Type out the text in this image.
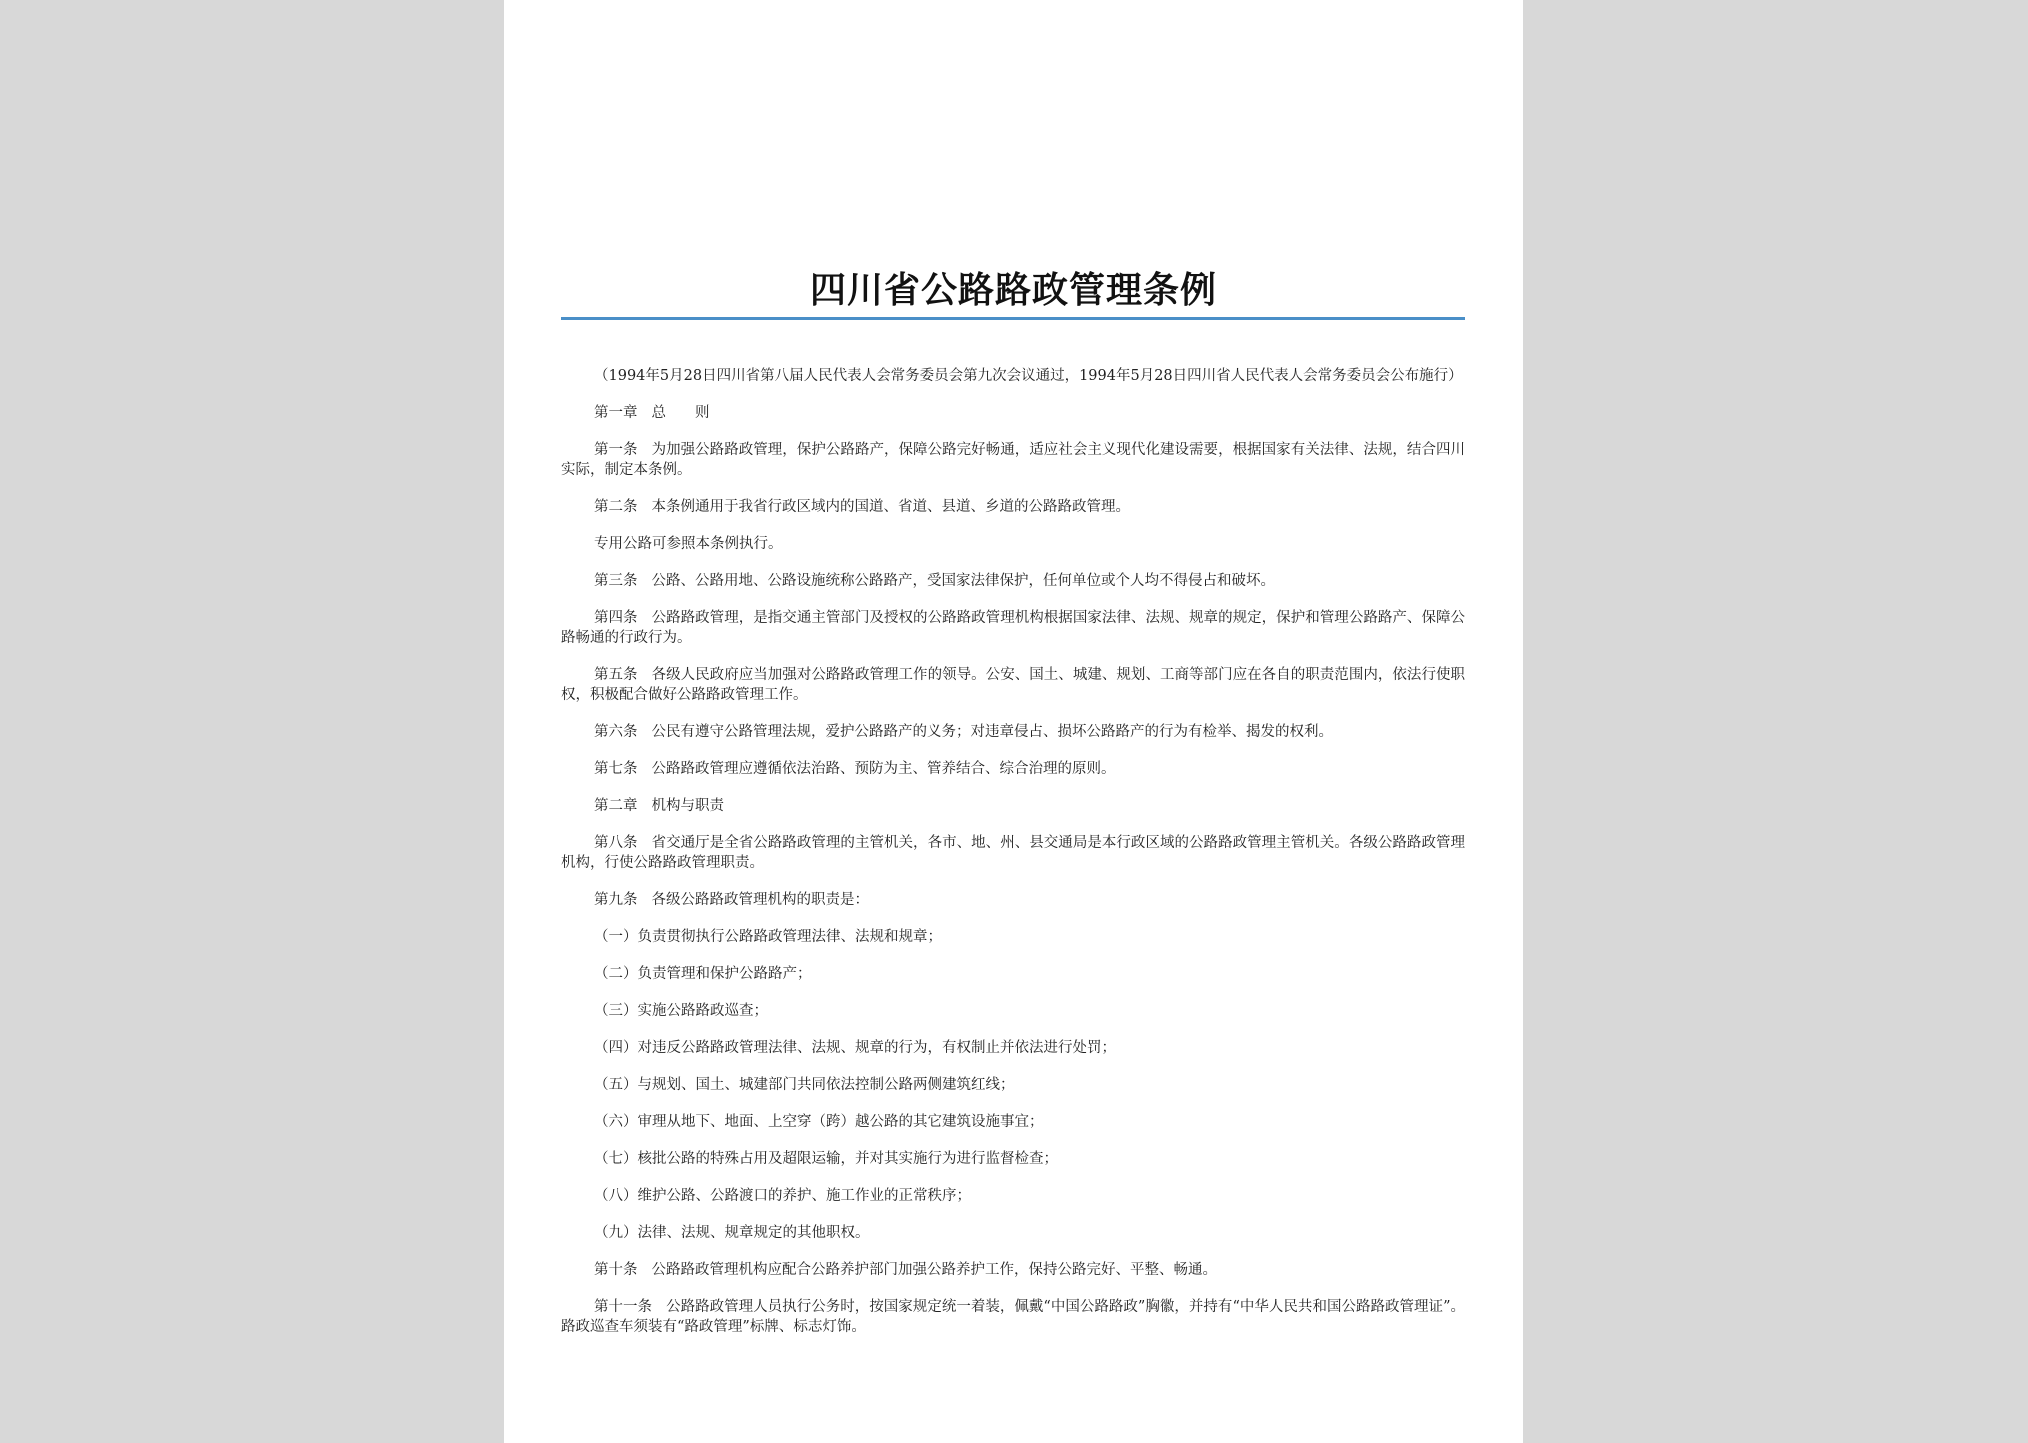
四川省公路路政管理条例
（1994年5月28日四川省第八届人民代表人会常务委员会第九次会议通过，1994年5月28日四川省人民代表人会常务委员会公布施行）
第一章 总　　则
第一条 为加强公路路政管理，保护公路路产，保障公路完好畅通，适应社会主义现代化建设需要，根据国家有关法律、法规，结合四川实际，制定本条例。
第二条 本条例通用于我省行政区域内的国道、省道、县道、乡道的公路路政管理。
专用公路可参照本条例执行。
第三条 公路、公路用地、公路设施统称公路路产，受国家法律保护，任何单位或个人均不得侵占和破坏。
第四条 公路路政管理，是指交通主管部门及授权的公路路政管理机构根据国家法律、法规、规章的规定，保护和管理公路路产、保障公路畅通的行政行为。
第五条 各级人民政府应当加强对公路路政管理工作的领导。公安、国土、城建、规划、工商等部门应在各自的职责范围内，依法行使职权，积极配合做好公路路政管理工作。
第六条 公民有遵守公路管理法规，爱护公路路产的义务；对违章侵占、损坏公路路产的行为有检举、揭发的权利。
第七条 公路路政管理应遵循依法治路、预防为主、管养结合、综合治理的原则。
第二章 机构与职责
第八条 省交通厅是全省公路路政管理的主管机关，各市、地、州、县交通局是本行政区域的公路路政管理主管机关。各级公路路政管理机构，行使公路路政管理职责。
第九条 各级公路路政管理机构的职责是：
（一）负责贯彻执行公路路政管理法律、法规和规章；
（二）负责管理和保护公路路产；
（三）实施公路路政巡查；
（四）对违反公路路政管理法律、法规、规章的行为，有权制止并依法进行处罚；
（五）与规划、国土、城建部门共同依法控制公路两侧建筑红线；
（六）审理从地下、地面、上空穿（跨）越公路的其它建筑设施事宜；
（七）核批公路的特殊占用及超限运输，并对其实施行为进行监督检查；
（八）维护公路、公路渡口的养护、施工作业的正常秩序；
（九）法律、法规、规章规定的其他职权。
第十条 公路路政管理机构应配合公路养护部门加强公路养护工作，保持公路完好、平整、畅通。
第十一条 公路路政管理人员执行公务时，按国家规定统一着装，佩戴“中国公路路政”胸徽，并持有“中华人民共和国公路路政管理证”。路政巡查车须装有“路政管理”标牌、标志灯饰。
